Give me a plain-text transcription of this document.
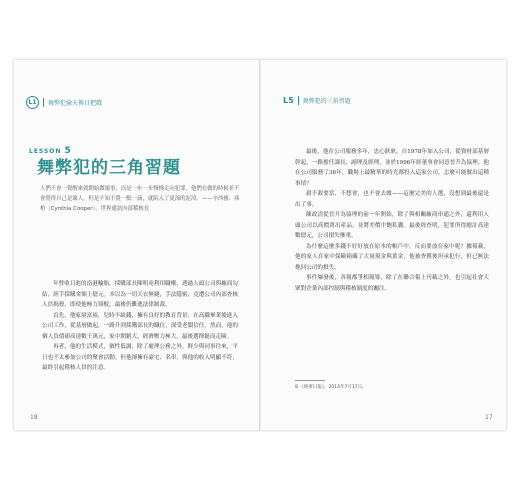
L1	舞弊犯偷天換日把戲
LESSON 5
舞弊犯的三角習題
人們不會一覺醒來就開始做壞事，而是一步一步慢慢走向犯罪。他們在做的時候並不會覺得自己是壞人。但是不知不覺一點一滴，就陷入了更深的泥淖。——辛西雅．庫柏（Cynthia Cooper），世界通訊內部稽核長

年營收日進的南港輪胎，採購部長陳明堯利用職權，透過人頭公司與廠商勾結，經手採購金額上億元。本以為一切天衣無縫，手法隱密，竟遭公司內部查核人員揭發，即使他極力辯駁，最後仍難逃法律制裁。

首先，他家境富裕，兒時不缺錢，擁有良好的教育背景；在高職畢業後進入公司工作，從基層做起，一路升到採購部長的職位，深受老闆信任。然而，他的個人負債卻高達數千萬元，家中開銷大，經濟壓力極大，最後選擇鋌而走險。

再者，他的生活模式，個性低調，除了處理公務之外，鮮少與同事往來，平日也不太參加公司的聚會活動。但他卻擁有豪宅、名車，與他的收入明顯不符，最終引起稽核人員的注意。

18
L5 舞弊犯的三角習題

最後，他在公司服務多年，忠心耿耿，自1978年加入公司，從資材部基層幹起，一路擔任課長、副理及經理，並於1996年經董事會同意晉升為協理。他在公司服務了36年，職場上最精華的時光都投入這家公司，怎麼可能做出這種事情？

殺不殺要當，不想會，也不會去做——這麼完美的人選，沒想到最後還是出了事。

陳政清從晉升為協理的前一年開始，除了與相關廠商串通之外，還利用人頭公司以高價賣出產品，並將差價中飽私囊。最後經查明，犯罪所得總計高達數億元，公司損失慘重。

為什麼這麼多錢不好好放在原本的帳戶中，反而要放在家中呢？據報載，他的家人在家中保險箱藏了大量現金與黃金，他被查獲後坦承犯行，但已無法挽回公司的損失。

事件爆發後，各報都爭相報導，除了在聯合報上刊載之外，也引起社會大眾對企業內部控制與稽核制度的關注。

8.《經濟日報》，2014年7月17日。
17
